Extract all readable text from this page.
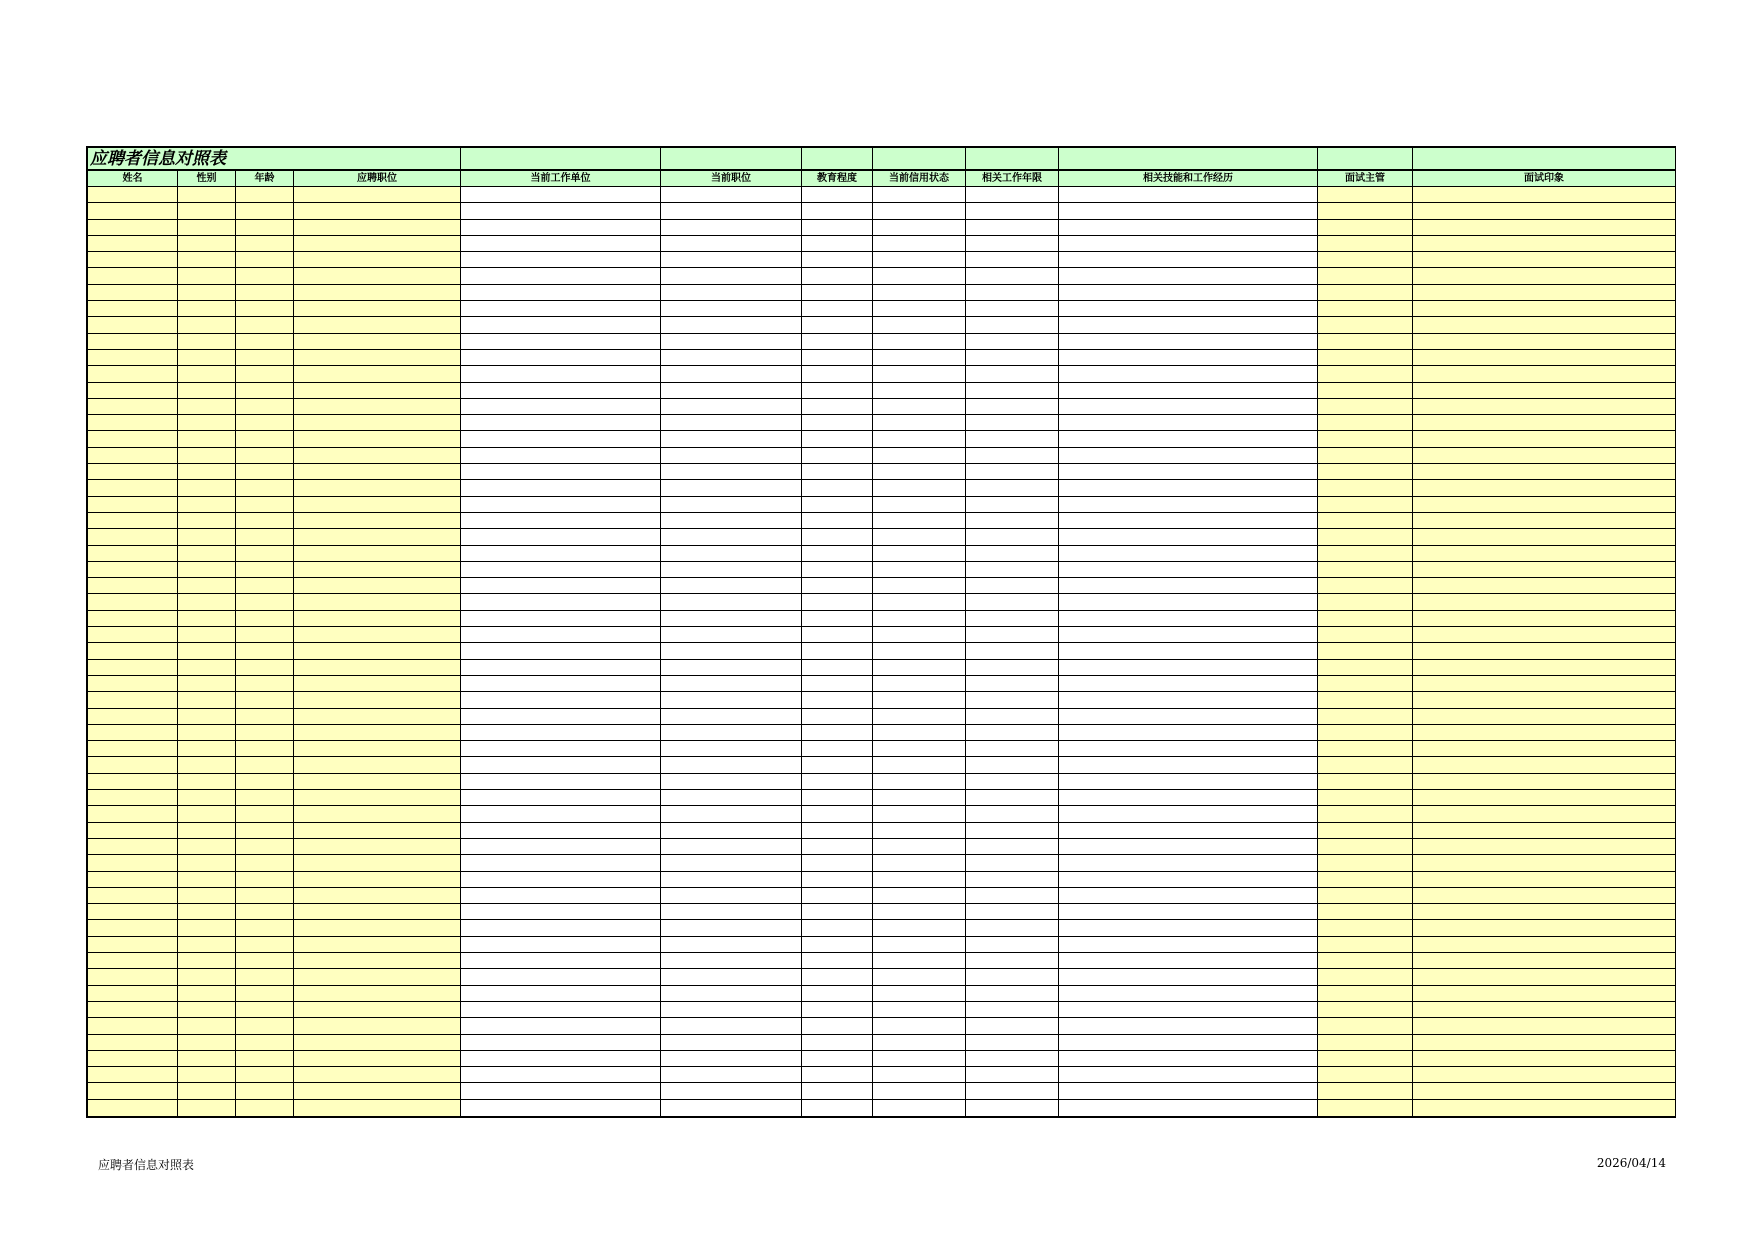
应聘者信息对照表
姓名	性别	年龄	应聘职位	当前工作单位	当前职位	教育程度	当前信用状态	相关工作年限	相关技能和工作经历	面试主管	面试印象
应聘者信息对照表	2026/04/14
